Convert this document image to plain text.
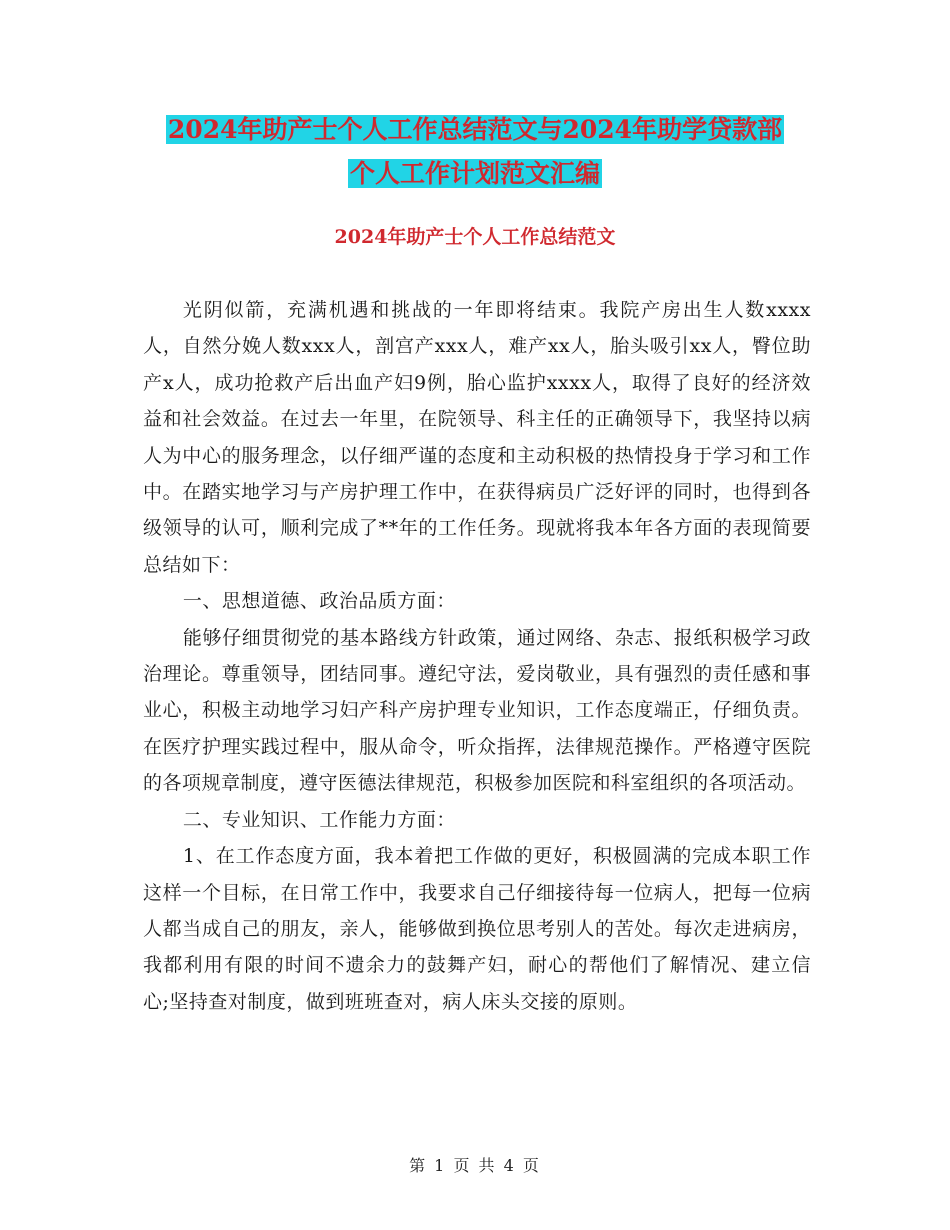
2024年助产士个人工作总结范文与2024年助学贷款部
个人工作计划范文汇编
2024年助产士个人工作总结范文

光阴似箭，充满机遇和挑战的一年即将结束。我院产房出生人数xxxx人，自然分娩人数xxx人，剖宫产xxx人，难产xx人，胎头吸引xx人，臀位助产x人，成功抢救产后出血产妇9例，胎心监护xxxx人，取得了良好的经济效益和社会效益。在过去一年里，在院领导、科主任的正确领导下，我坚持以病人为中心的服务理念，以仔细严谨的态度和主动积极的热情投身于学习和工作中。在踏实地学习与产房护理工作中，在获得病员广泛好评的同时，也得到各级领导的认可，顺利完成了**年的工作任务。现就将我本年各方面的表现简要总结如下：

一、思想道德、政治品质方面：

能够仔细贯彻党的基本路线方针政策，通过网络、杂志、报纸积极学习政治理论。尊重领导，团结同事。遵纪守法，爱岗敬业，具有强烈的责任感和事业心，积极主动地学习妇产科产房护理专业知识，工作态度端正，仔细负责。在医疗护理实践过程中，服从命令，听众指挥，法律规范操作。严格遵守医院的各项规章制度，遵守医德法律规范，积极参加医院和科室组织的各项活动。

二、专业知识、工作能力方面：

1、在工作态度方面，我本着把工作做的更好，积极圆满的完成本职工作这样一个目标，在日常工作中，我要求自己仔细接待每一位病人，把每一位病人都当成自己的朋友，亲人，能够做到换位思考别人的苦处。每次走进病房，我都利用有限的时间不遗余力的鼓舞产妇，耐心的帮他们了解情况、建立信心;坚持查对制度，做到班班查对，病人床头交接的原则。

第 1 页 共 4 页
